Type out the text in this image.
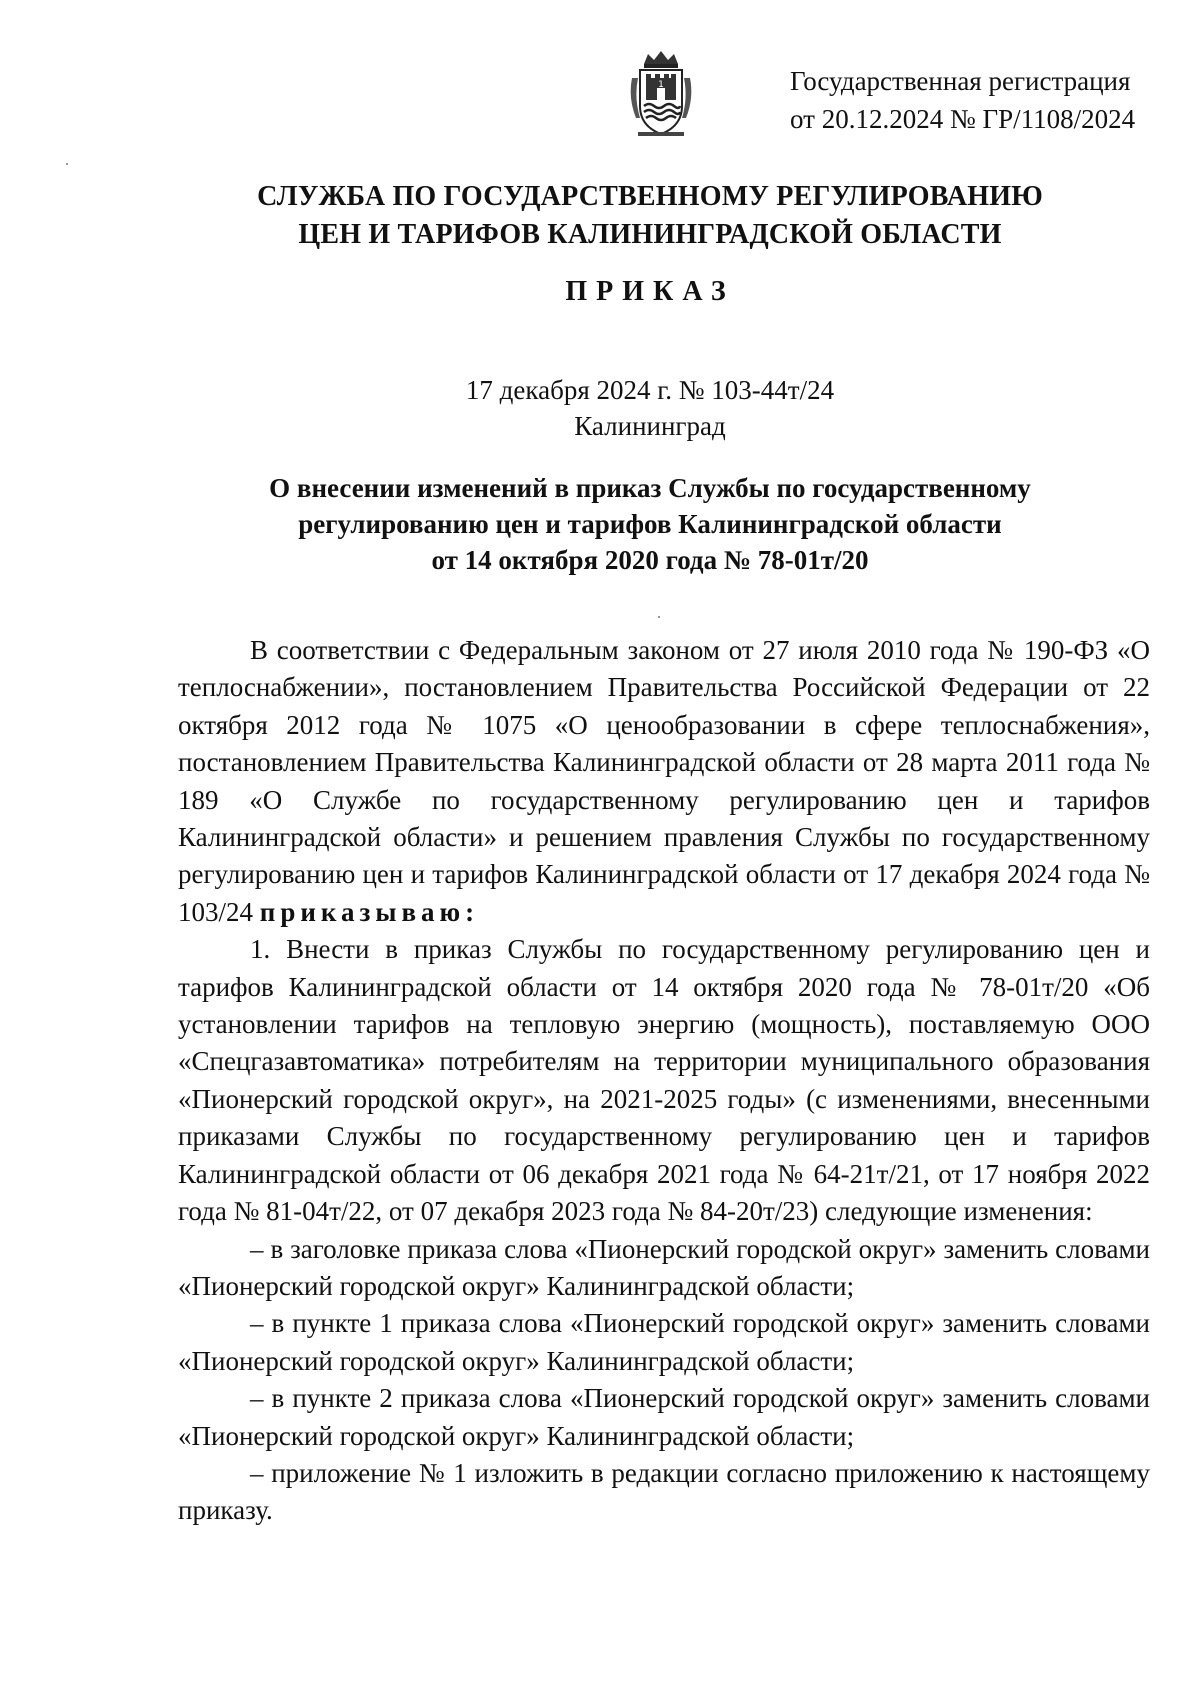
1	Государственная регистрация
от 20.12.2024 № ГР/1108/2024
СЛУЖБА ПО ГОСУДАРСТВЕННОМУ РЕГУЛИРОВАНИЮ
ЦЕН И ТАРИФОВ КАЛИНИНГРАДСКОЙ ОБЛАСТИ
ПРИКАЗ
17 декабря 2024 г. № 103-44т/24
Калининград
О внесении изменений в приказ Службы по государственному
регулированию цен и тарифов Калининградской области
от 14 октября 2020 года № 78-01т/20

В соответствии с Федеральным законом от 27 июля 2010 года № 190-ФЗ «О теплоснабжении», постановлением Правительства Российской Федерации от 22 октября 2012 года № 1075 «О ценообразовании в сфере теплоснабжения», постановлением Правительства Калининградской области от 28 марта 2011 года № 189 «О Службе по государственному регулированию цен и тарифов Калининградской области» и решением правления Службы по государственному регулированию цен и тарифов Калининградской области от 17 декабря 2024 года № 103/24 приказываю:

1. Внести в приказ Службы по государственному регулированию цен и тарифов Калининградской области от 14 октября 2020 года № 78-01т/20 «Об установлении тарифов на тепловую энергию (мощность), поставляемую ООО «Спецгазавтоматика» потребителям на территории муниципального образования «Пионерский городской округ», на 2021-2025 годы» (с изменениями, внесенными приказами Службы по государственному регулированию цен и тарифов Калининградской области от 06 декабря 2021 года № 64-21т/21, от 17 ноября 2022 года № 81-04т/22, от 07 декабря 2023 года № 84-20т/23) следующие изменения:

– в заголовке приказа слова «Пионерский городской округ» заменить словами «Пионерский городской округ» Калининградской области;

– в пункте 1 приказа слова «Пионерский городской округ» заменить словами «Пионерский городской округ» Калининградской области;

– в пункте 2 приказа слова «Пионерский городской округ» заменить словами «Пионерский городской округ» Калининградской области;

– приложение № 1 изложить в редакции согласно приложению к настоящему приказу.
